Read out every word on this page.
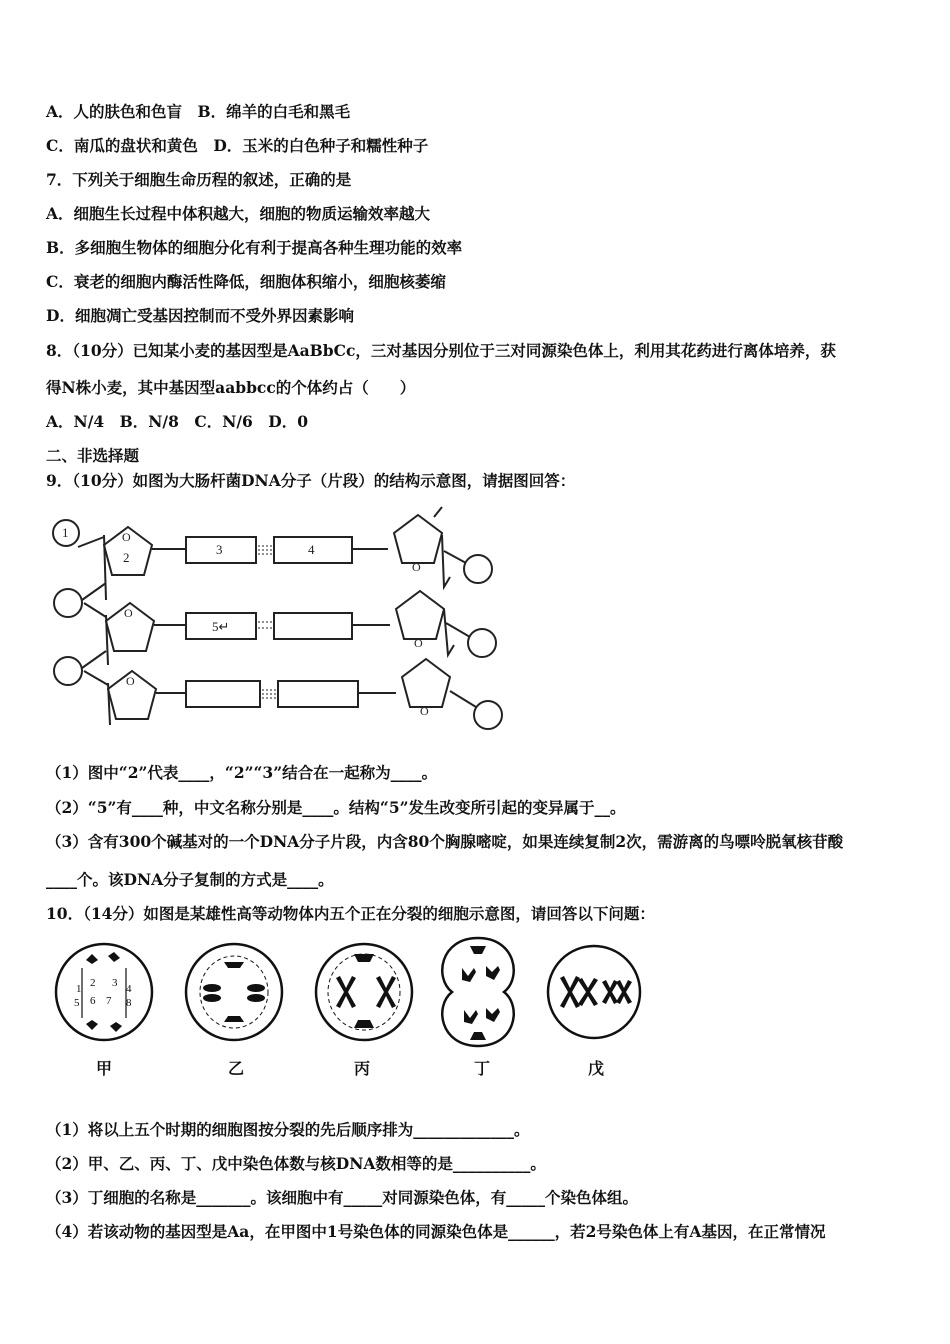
A．人的肤色和色盲　B．绵羊的白毛和黑毛
C．南瓜的盘状和黄色　D．玉米的白色种子和糯性种子
7．下列关于细胞生命历程的叙述，正确的是
A．细胞生长过程中体积越大，细胞的物质运输效率越大
B．多细胞生物体的细胞分化有利于提高各种生理功能的效率
C．衰老的细胞内酶活性降低，细胞体积缩小，细胞核萎缩
D．细胞凋亡受基因控制而不受外界因素影响
8．（10分）已知某小麦的基因型是AaBbCc，三对基因分别位于三对同源染色体上，利用其花药进行离体培养，获
得N株小麦，其中基因型aabbcc的个体约占（　　）
A．N/4　B．N/8　C．N/6　D．0
二、非选择题
9．（10分）如图为大肠杆菌DNA分子（片段）的结构示意图，请据图回答：
O
O
O
O
O
O
1
2
3	4
5↵
（1）图中“2”代表____，“2”“3”结合在一起称为____。
（2）“5”有____种，中文名称分别是____。结构“5”发生改变所引起的变异属于__。
（3）含有300个碱基对的一个DNA分子片段，内含80个胸腺嘧啶，如果连续复制2次，需游离的鸟嘌呤脱氧核苷酸
____个。该DNA分子复制的方式是____。
10．（14分）如图是某雄性高等动物体内五个正在分裂的细胞示意图，请回答以下问题：
1 2 3 4
5 6 7 8
甲	乙	丙	丁	戊
（1）将以上五个时期的细胞图按分裂的先后顺序排为_____________。
（2）甲、乙、丙、丁、戊中染色体数与核DNA数相等的是__________。
（3）丁细胞的名称是_______。该细胞中有_____对同源染色体，有_____个染色体组。
（4）若该动物的基因型是Aa，在甲图中1号染色体的同源染色体是______，若2号染色体上有A基因，在正常情况
